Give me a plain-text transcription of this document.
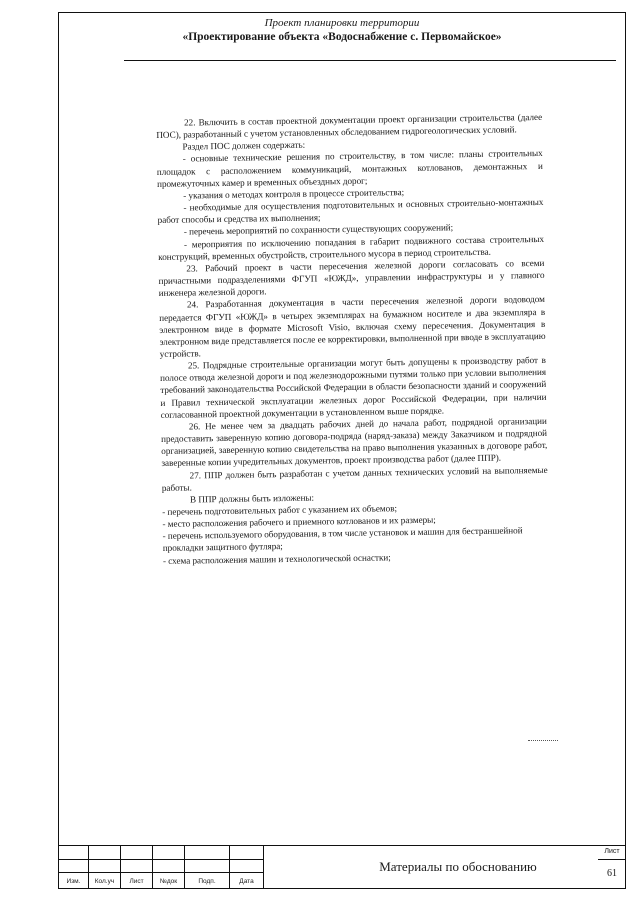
Проект планировки территории
«Проектирование объекта «Водоснабжение с. Первомайское»

22. Включить в состав проектной документации проект организации строительства (далее ПОС), разработанный с учетом установленных обследованием гидрогеологических условий.

Раздел ПОС должен содержать:

- основные технические решения по строительству, в том числе: планы строительных площадок с расположением коммуникаций, монтажных котлованов, демонтажных и промежуточных камер и временных объездных дорог;

- указания о методах контроля в процессе строительства;

- необходимые для осуществления подготовительных и основных строительно-монтажных работ способы и средства их выполнения;

- перечень мероприятий по сохранности существующих сооружений;

- мероприятия по исключению попадания в габарит подвижного состава строительных конструкций, временных обустройств, строительного мусора в период строительства.

23. Рабочий проект в части пересечения железной дороги согласовать со всеми причастными подразделениями ФГУП «ЮЖД», управлении инфраструктуры и у главного инженера железной дороги.

24. Разработанная документация в части пересечения железной дороги водоводом передается ФГУП «ЮЖД» в четырех экземплярах на бумажном носителе и два экземпляра в электронном виде в формате Microsoft Visio, включая схему пересечения. Документация в электронном виде представляется после ее корректировки, выполненной при вводе в эксплуатацию устройств.

25. Подрядные строительные организации могут быть допущены к производству работ в полосе отвода железной дороги и под железнодорожными путями только при условии выполнения требований законодательства Российской Федерации в области безопасности зданий и сооружений и Правил технической эксплуатации железных дорог Российской Федерации, при наличии согласованной проектной документации в установленном выше порядке.

26. Не менее чем за двадцать рабочих дней до начала работ, подрядной организации предоставить заверенную копию договора-подряда (наряд-заказа) между Заказчиком и подрядной организацией, заверенную копию свидетельства на право выполнения указанных в договоре работ, заверенные копии учредительных документов, проект производства работ (далее ППР).

27. ППР должен быть разработан с учетом данных технических условий на выполняемые работы.

В ППР должны быть изложены:

- перечень подготовительных работ с указанием их объемов;

- место расположения рабочего и приемного котлованов и их размеры;

- перечень используемого оборудования, в том числе установок и машин для бестраншейной прокладки защитного футляра;

- схема расположения машин и технологической оснастки;

Изм.	Кол.уч	Лист	№док	Подп.	Дата
Материалы по обоснованию
Лист
61
